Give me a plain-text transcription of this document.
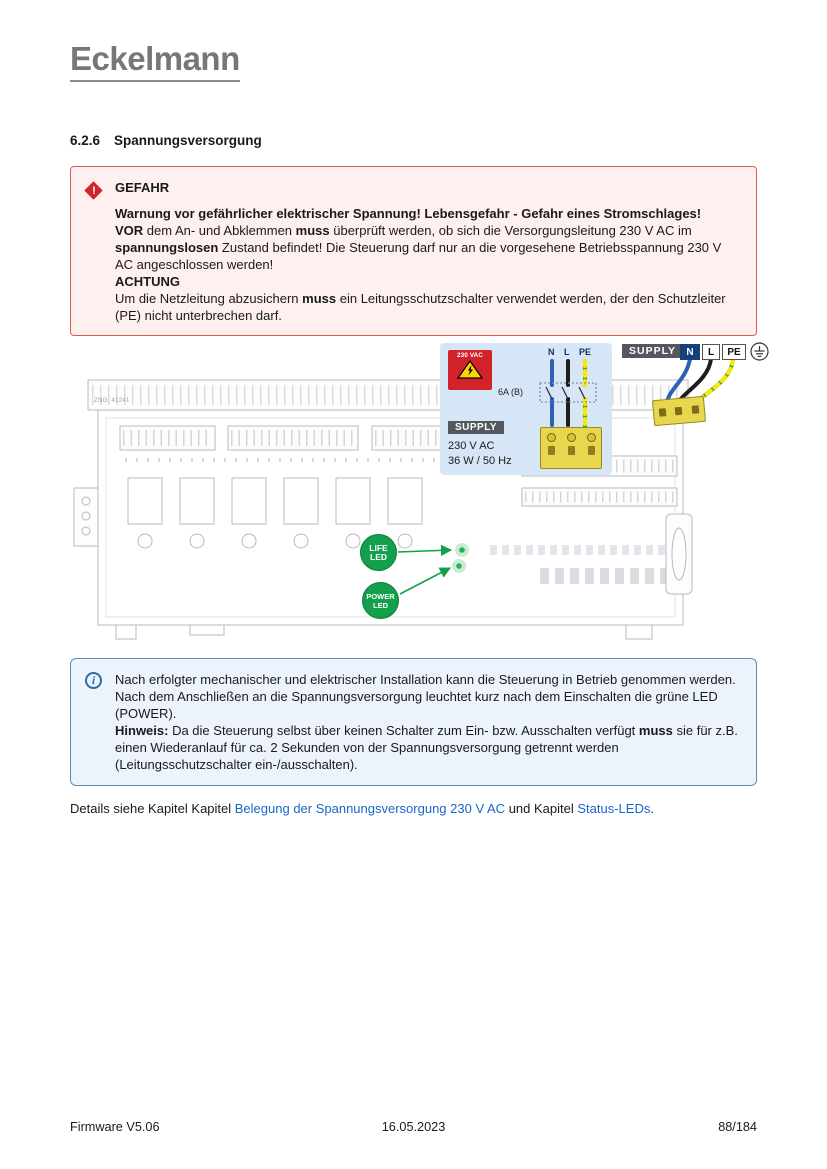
Eckelmann
6.2.6 Spannungsversorgung
!	GEFAHR

Warnung vor gefährlicher elektrischer Spannung! Lebensgefahr - Gefahr eines Stromschlages!

VOR dem An- und Abklemmen muss überprüft werden, ob sich die Versorgungsleitung 230 V AC im spannungslosen Zustand befindet! Die Steuerung darf nur an die vorgesehene Betriebsspannung 230 V AC angeschlossen werden!

ACHTUNG

Um die Netzleitung abzusichern muss ein Leitungsschutzschalter verwendet werden, der den Schutzleiter (PE) nicht unterbrechen darf.

ZNG: 41241
230 VAC	N L PE
6A (B)
SUPPLY
230 V AC
36 W / 50 Hz
SUPPLY	N	L	PE
LIFE
LED
POWER
LED
i Nach erfolgter mechanischer und elektrischer Installation kann die Steuerung in Betrieb genommen werden. Nach dem Anschließen an die Spannungsversorgung leuchtet kurz nach dem Einschalten die grüne LED (POWER).

Hinweis: Da die Steuerung selbst über keinen Schalter zum Ein- bzw. Ausschalten verfügt muss sie für z.B. einen Wiederanlauf für ca. 2 Sekunden von der Spannungsversorgung getrennt werden (Leitungsschutzschalter ein-/ausschalten).

Details siehe Kapitel Kapitel Belegung der Spannungsversorgung 230 V AC und Kapitel Status-LEDs.

16.05.2023
Firmware V5.06	88/184
